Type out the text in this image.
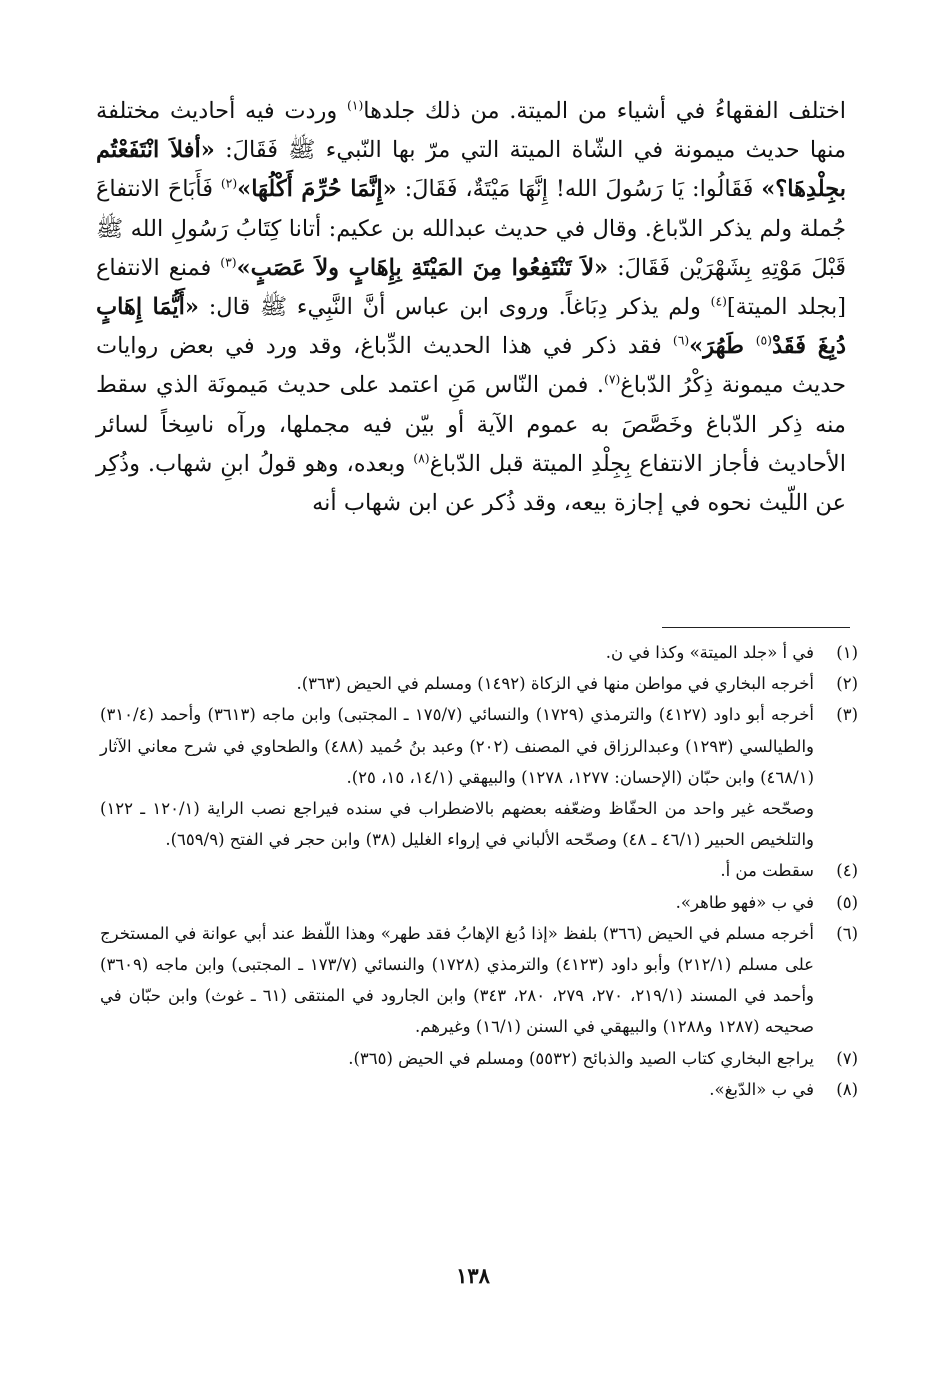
اختلف الفقهاءُ في أشياء من الميتة. من ذلك جلدها$^{(١)}$ وردت فيه أحاديث مختلفة منها حديث ميمونة في الشّاة الميتة التي مرّ بها النّبيء ﷺ فَقَالَ: «أفلاَ انْتَفَعْتُم بجِلْدِهَا؟» فَقَالُوا: يَا رَسُولَ الله! إِنَّهَا مَيْتَةٌ، فَقَالَ: «إِنَّمَا حُرِّمَ أَكْلُهَا»$^{(٢)}$ فَأَبَاحَ الانتفاعَ جُملة ولم يذكر الدّباغ. وقال في حديث عبدالله بن عكيم: أتانا كِتَابُ رَسُولِ الله ﷺ قَبْلَ مَوْتِهِ بِشَهْرَيْن فَقَالَ: «لاَ تَنْتَفِعُوا مِنَ المَيْتَةِ بِإِهَابٍ ولاَ عَصَبٍ»$^{(٣)}$ فمنع الانتفاع [بجلد الميتة]$^{(٤)}$ ولم يذكر دِبَاغاً. وروى ابن عباس أنَّ النَّبِيء ﷺ قال: «أَيُّمَا إِهَابٍ دُبِغَ فَقَدْ$^{(٥)}$ طَهُرَ»$^{(٦)}$ فقد ذكر في هذا الحديث الدِّباغ، وقد ورد في بعض روايات حديث ميمونة ذِكْرُ الدّباغ$^{(٧)}$. فمن النّاس مَنِ اعتمد على حديث مَيمونَة الذي سقط منه ذِكر الدّباغ وخَصَّصَ به عموم الآية أو بيّن فيه مجملها، ورآه ناسِخاً لسائر الأحاديث فأجاز الانتفاع بِجِلْدِ الميتة قبل الدّباغ$^{(٨)}$ وبعده، وهو قولُ ابنِ شهاب. وذُكِر عن اللّيث نحوه في إجازة بيعه، وقد ذُكر عن ابن شهاب أنه
(١)
في أ «جلد الميتة» وكذا في ن.
(٢)
أخرجه البخاري في مواطن منها في الزكاة (١٤٩٢) ومسلم في الحيض (٣٦٣).
(٣)
أخرجه أبو داود (٤١٢٧) والترمذي (١٧٢٩) والنسائي (١٧٥/٧ ـ المجتبى) وابن ماجه (٣٦١٣) وأحمد (٣١٠/٤) والطيالسي (١٢٩٣) وعبدالرزاق في المصنف (٢٠٢) وعبد بنُ حُميد (٤٨٨) والطحاوي في شرح معاني الآثار (٤٦٨/١) وابن حبّان (الإحسان: ١٢٧٧، ١٢٧٨) والبيهقي (١٤/١، ١٥، ٢٥).
وصحّحه غير واحد من الحفّاظ وضعّفه بعضهم بالاضطراب في سنده فيراجع نصب الراية (١٢٠/١ ـ ١٢٢) والتلخيص الحبير (٤٦/١ ـ ٤٨) وصحّحه الألباني في إرواء الغليل (٣٨) وابن حجر في الفتح (٦٥٩/٩).
(٤)
سقطت من أ.
(٥)
في ب «فهو طاهر».
(٦)
أخرجه مسلم في الحيض (٣٦٦) بلفظ «إذا دُبغ الإهابُ فقد طهر» وهذا اللّفظ عند أبي عوانة في المستخرج على مسلم (٢١٢/١) وأبو داود (٤١٢٣) والترمذي (١٧٢٨) والنسائي (١٧٣/٧ ـ المجتبى) وابن ماجه (٣٦٠٩) وأحمد في المسند (٢١٩/١، ٢٧٠، ٢٧٩، ٢٨٠، ٣٤٣) وابن الجارود في المنتقى (٦١ ـ غوث) وابن حبّان في صحيحه (١٢٨٧ و١٢٨٨) والبيهقي في السنن (١٦/١) وغيرهم.
(٧)
يراجع البخاري كتاب الصيد والذبائح (٥٥٣٢) ومسلم في الحيض (٣٦٥).
(٨)
في ب «الدّبغ».
١٣٨
